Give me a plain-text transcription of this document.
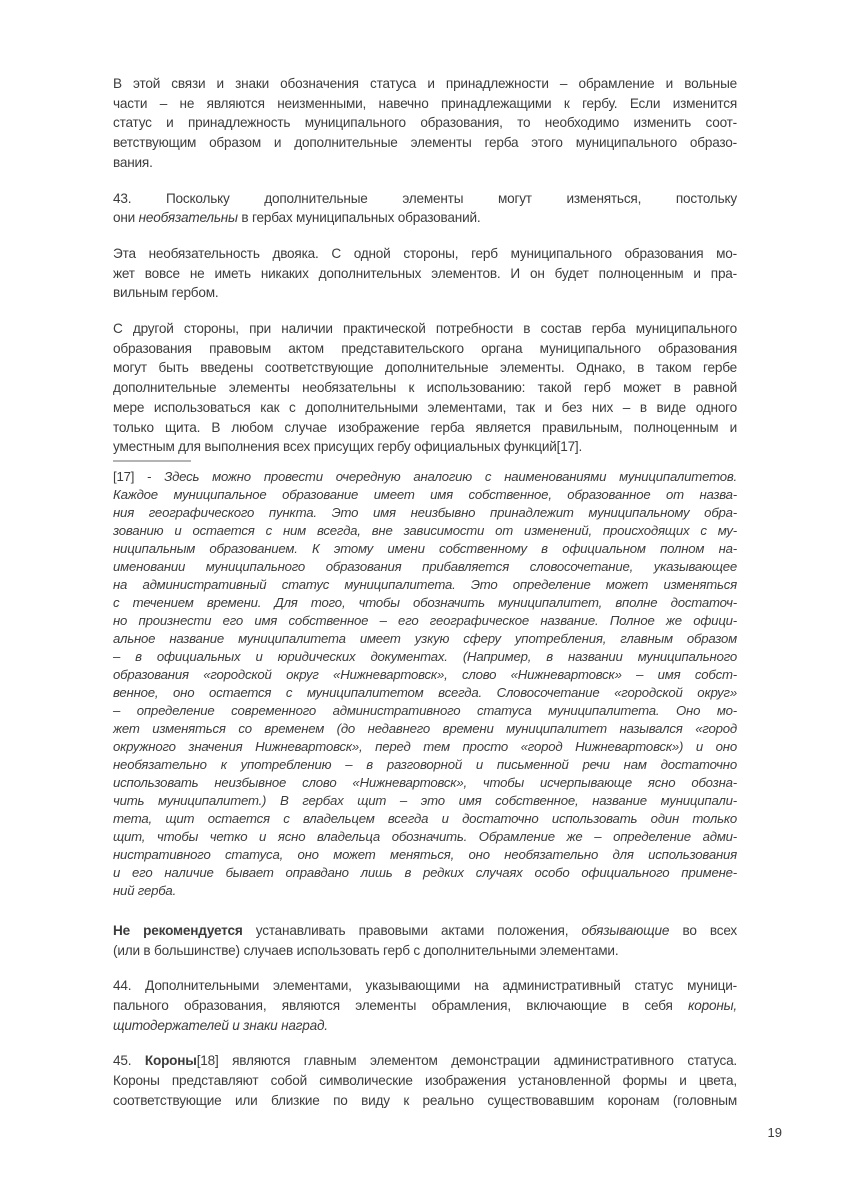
В этой связи и знаки обозначения статуса и принадлежности – обрамление и вольные
части – не являются неизменными, навечно принадлежащими к гербу. Если изменится
статус и принадлежность муниципального образования, то необходимо изменить соот-
ветствующим образом и дополнительные элементы герба этого муниципального образо-
вания.
43. Поскольку дополнительные элементы могут изменяться, постольку
они необязательны в гербах муниципальных образований.
Эта необязательность двояка. С одной стороны, герб муниципального образования мо-
жет вовсе не иметь никаких дополнительных элементов. И он будет полноценным и пра-
вильным гербом.
С другой стороны, при наличии практической потребности в состав герба муниципального
образования правовым актом представительского органа муниципального образования
могут быть введены соответствующие дополнительные элементы. Однако, в таком гербе
дополнительные элементы необязательны к использованию: такой герб может в равной
мере использоваться как с дополнительными элементами, так и без них – в виде одного
только щита. В любом случае изображение герба является правильным, полноценным и
уместным для выполнения всех присущих гербу официальных функций[17].
[17] - Здесь можно провести очередную аналогию с наименованиями муниципалитетов.
Каждое муниципальное образование имеет имя собственное, образованное от назва-
ния географического пункта. Это имя неизбывно принадлежит муниципальному обра-
зованию и остается с ним всегда, вне зависимости от изменений, происходящих с му-
ниципальным образованием. К этому имени собственному в официальном полном на-
именовании муниципального образования прибавляется словосочетание, указывающее
на административный статус муниципалитета. Это определение может изменяться
с течением времени. Для того, чтобы обозначить муниципалитет, вполне достаточ-
но произнести его имя собственное – его географическое название. Полное же офици-
альное название муниципалитета имеет узкую сферу употребления, главным образом
– в официальных и юридических документах. (Например, в названии муниципального
образования «городской округ «Нижневартовск», слово «Нижневартовск» – имя собст-
венное, оно остается с муниципалитетом всегда. Словосочетание «городской округ»
– определение современного административного статуса муниципалитета. Оно мо-
жет изменяться со временем (до недавнего времени муниципалитет назывался «город
окружного значения Нижневартовск», перед тем просто «город Нижневартовск») и оно
необязательно к употреблению – в разговорной и письменной речи нам достаточно
использовать неизбывное слово «Нижневартовск», чтобы исчерпывающе ясно обозна-
чить муниципалитет.) В гербах щит – это имя собственное, название муниципали-
тета, щит остается с владельцем всегда и достаточно использовать один только
щит, чтобы четко и ясно владельца обозначить. Обрамление же – определение адми-
нистративного статуса, оно может меняться, оно необязательно для использования
и его наличие бывает оправдано лишь в редких случаях особо официального примене-
ний герба.
Не рекомендуется устанавливать правовыми актами положения, обязывающие во всех
(или в большинстве) случаев использовать герб с дополнительными элементами.
44. Дополнительными элементами, указывающими на административный статус муници-
пального образования, являются элементы обрамления, включающие в себя короны,
щитодержателей и знаки наград.
45. Короны[18] являются главным элементом демонстрации административного статуса.
Короны представляют собой символические изображения установленной формы и цвета,
соответствующие или близкие по виду к реально существовавшим коронам (головным
19
